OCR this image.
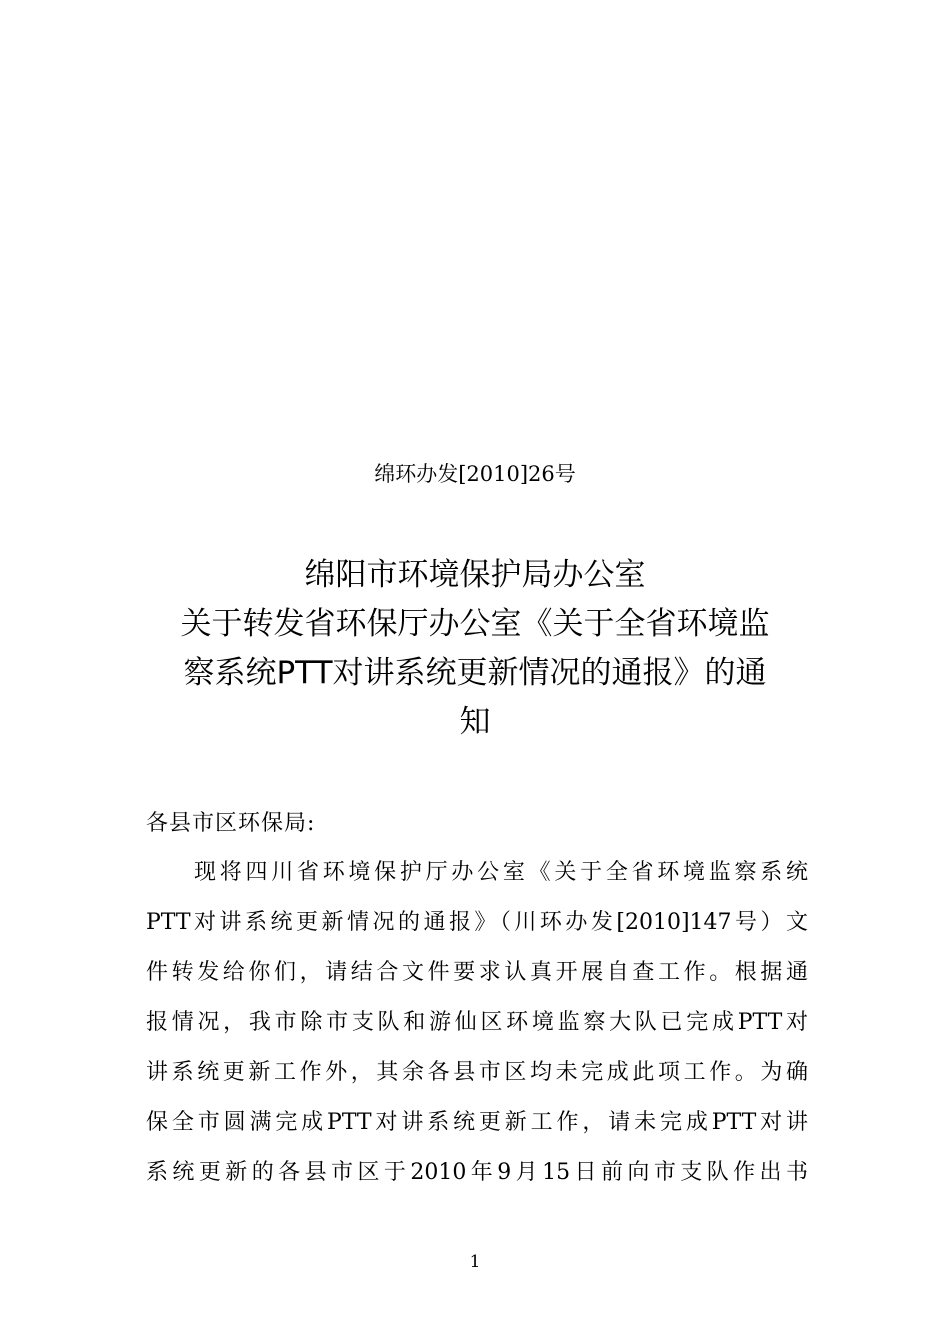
绵环办发[2010]26号
绵阳市环境保护局办公室
关于转发省环保厅办公室《关于全省环境监
察系统PTT对讲系统更新情况的通报》的通
知
各县市区环保局:
现将四川省环境保护厅办公室《关于全省环境监察系统
PTT对讲系统更新情况的通报》（川环办发[2010]147号）文
件转发给你们，请结合文件要求认真开展自查工作。根据通
报情况，我市除市支队和游仙区环境监察大队已完成PTT对
讲系统更新工作外，其余各县市区均未完成此项工作。为确
保全市圆满完成PTT对讲系统更新工作，请未完成PTT对讲
系统更新的各县市区于2010年9月15日前向市支队作出书
1
